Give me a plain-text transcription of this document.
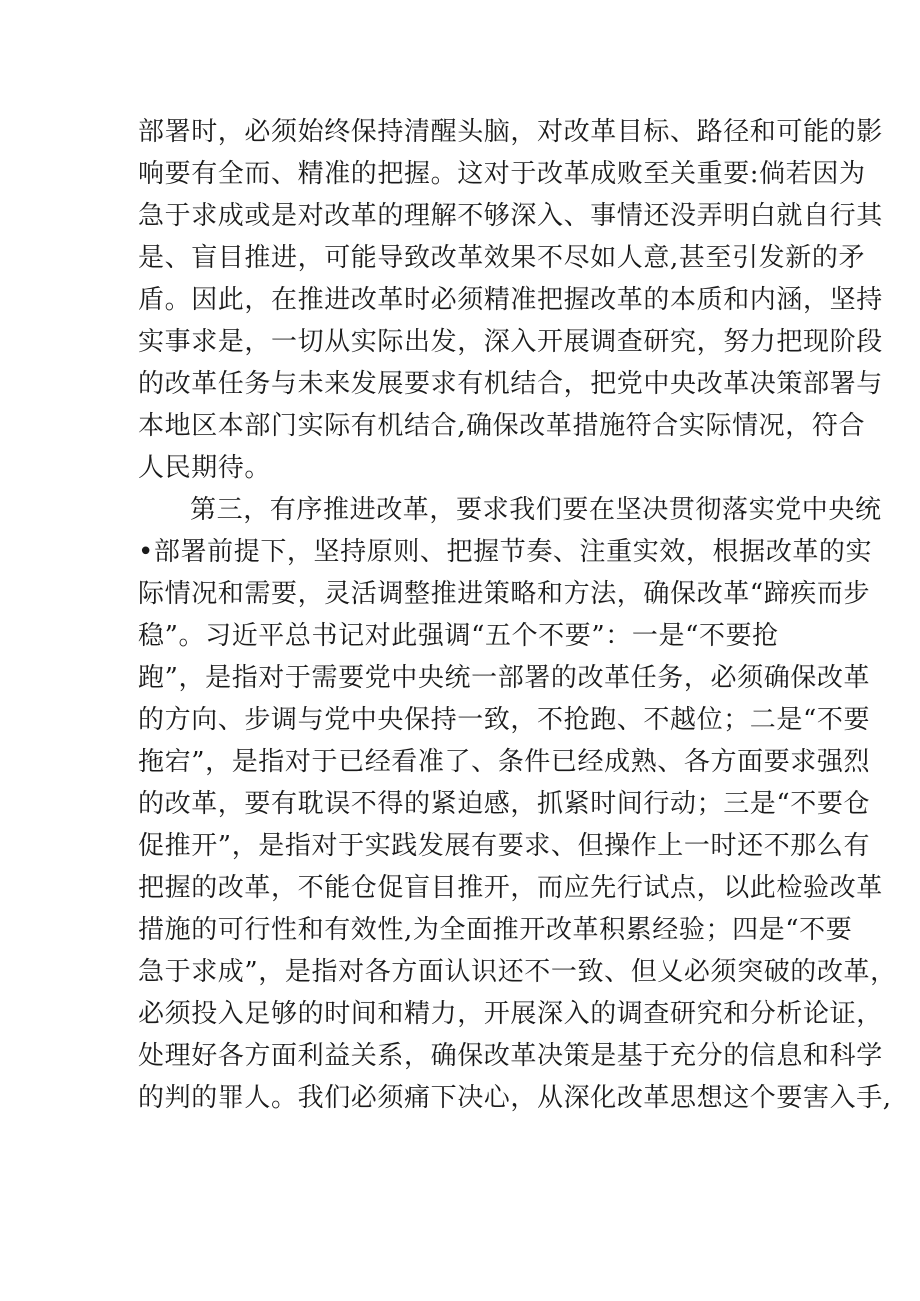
部署时，必须始终保持清醒头脑，对改革目标、路径和可能的影
响要有全而、精准的把握。这对于改革成败至关重要:倘若因为
急于求成或是对改革的理解不够深入、事情还没弄明白就自行其
是、盲目推进，可能导致改革效果不尽如人意,甚至引发新的矛
盾。因此，在推进改革时必须精准把握改革的本质和内涵，坚持
实事求是，一切从实际出发，深入开展调查研究，努力把现阶段
的改革任务与未来发展要求有机结合，把党中央改革决策部署与
本地区本部门实际有机结合,确保改革措施符合实际情况，符合
人民期待。
第三，有序推进改革，要求我们要在坚决贯彻落实党中央统
•部署前提下，坚持原则、把握节奏、注重实效，根据改革的实
际情况和需要，灵活调整推进策略和方法，确保改革“蹄疾而步
稳”。习近平总书记对此强调“五个不要”：一是“不要抢
跑”，是指对于需要党中央统一部署的改革任务，必须确保改革
的方向、步调与党中央保持一致，不抢跑、不越位；二是“不要
拖宕”，是指对于已经看准了、条件已经成熟、各方面要求强烈
的改革，要有耽误不得的紧迫感，抓紧时间行动；三是“不要仓
促推开”，是指对于实践发展有要求、但操作上一时还不那么有
把握的改革，不能仓促盲目推开，而应先行试点，以此检验改革
措施的可行性和有效性,为全面推开改革积累经验；四是“不要
急于求成”，是指对各方面认识还不一致、但乂必须突破的改革，
必须投入足够的时间和精力，开展深入的调查研究和分析论证，
处理好各方面利益关系，确保改革决策是基于充分的信息和科学
的判的罪人。我们必须痛下决心，从深化改革思想这个要害入手,
